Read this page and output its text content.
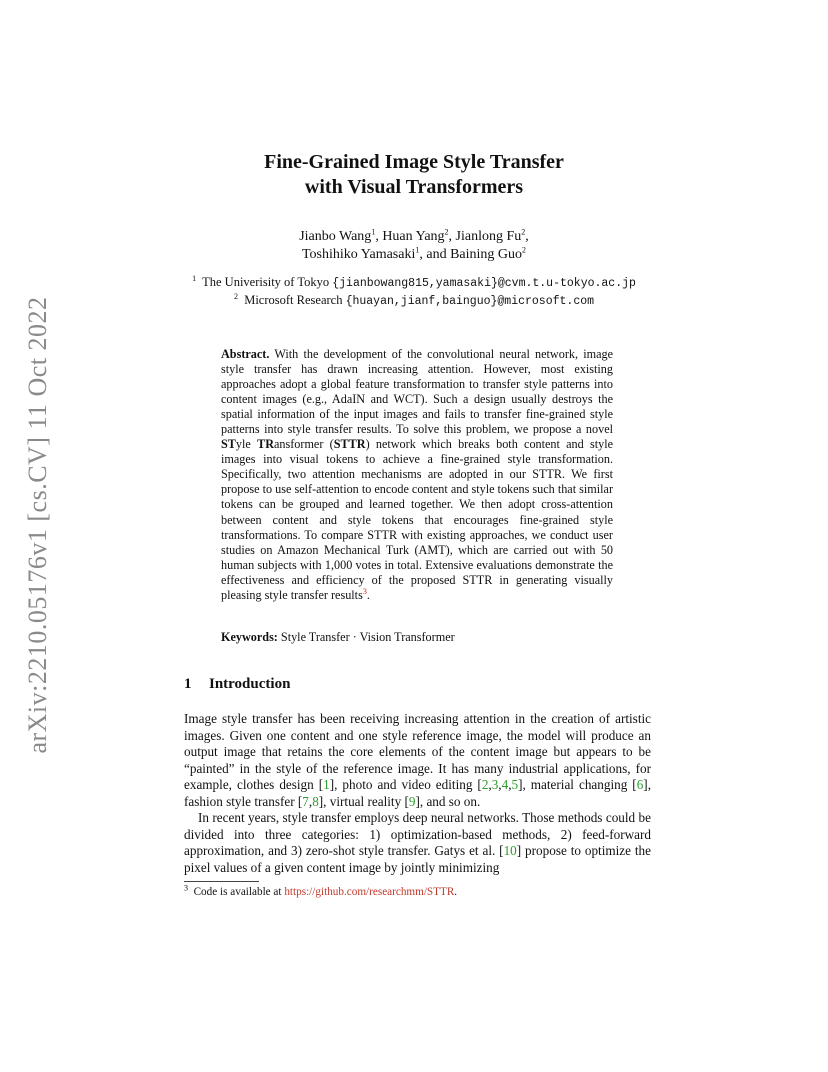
arXiv:2210.05176v1 [cs.CV] 11 Oct 2022
Fine-Grained Image Style Transfer
with Visual Transformers
Jianbo Wang$^1$, Huan Yang$^2$, Jianlong Fu$^2$,
Toshihiko Yamasaki$^1$, and Baining Guo$^2$
$^1$ The Univerisity of Tokyo {jianbowang815,yamasaki}@cvm.t.u-tokyo.ac.jp
$^2$ Microsoft Research {huayan,jianf,bainguo}@microsoft.com
Abstract. With the development of the convolutional neural network, image style transfer has drawn increasing attention. However, most existing approaches adopt a global feature transformation to transfer style patterns into content images (e.g., AdaIN and WCT). Such a design usually destroys the spatial information of the input images and fails to transfer fine-grained style patterns into style transfer results. To solve this problem, we propose a novel STyle TRansformer (STTR) network which breaks both content and style images into visual tokens to achieve a fine-grained style transformation. Specifically, two attention mechanisms are adopted in our STTR. We first propose to use self-attention to encode content and style tokens such that similar tokens can be grouped and learned together. We then adopt cross-attention between content and style tokens that encourages fine-grained style transformations. To compare STTR with existing approaches, we conduct user studies on Amazon Mechanical Turk (AMT), which are carried out with 50 human subjects with 1,000 votes in total. Extensive evaluations demonstrate the effectiveness and efficiency of the proposed STTR in generating visually pleasing style transfer results$^3$.
Keywords: Style Transfer · Vision Transformer
1 Introduction

Image style transfer has been receiving increasing attention in the creation of artistic images. Given one content and one style reference image, the model will produce an output image that retains the core elements of the content image but appears to be “painted” in the style of the reference image. It has many industrial applications, for example, clothes design [1], photo and video editing [2,3,4,5], material changing [6], fashion style transfer [7,8], virtual reality [9], and so on.

In recent years, style transfer employs deep neural networks. Those methods could be divided into three categories: 1) optimization-based methods, 2) feed-forward approximation, and 3) zero-shot style transfer. Gatys et al. [10] propose to optimize the pixel values of a given content image by jointly minimizing

$^3$ Code is available at https://github.com/researchmm/STTR.
